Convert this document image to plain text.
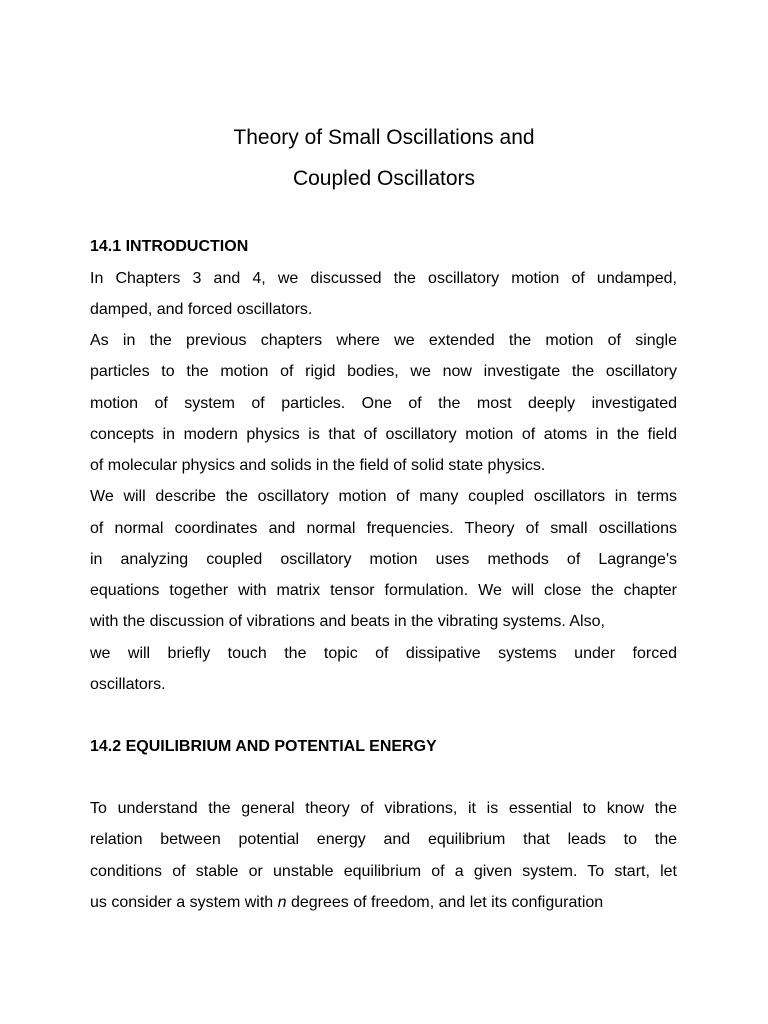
Theory of Small Oscillations and
Coupled Oscillators
14.1 INTRODUCTION
In Chapters 3 and 4, we discussed the oscillatory motion of undamped,
damped, and forced oscillators.
As in the previous chapters where we extended the motion of single
particles to the motion of rigid bodies, we now investigate the oscillatory
motion of system of particles. One of the most deeply investigated
concepts in modern physics is that of oscillatory motion of atoms in the field
of molecular physics and solids in the field of solid state physics.
We will describe the oscillatory motion of many coupled oscillators in terms
of normal coordinates and normal frequencies. Theory of small oscillations
in analyzing coupled oscillatory motion uses methods of Lagrange's
equations together with matrix tensor formulation. We will close the chapter
with the discussion of vibrations and beats in the vibrating systems. Also,
we will briefly touch the topic of dissipative systems under forced
oscillators.
14.2 EQUILIBRIUM AND POTENTIAL ENERGY
To understand the general theory of vibrations, it is essential to know the
relation between potential energy and equilibrium that leads to the
conditions of stable or unstable equilibrium of a given system. To start, let
us consider a system with n degrees of freedom, and let its configuration
